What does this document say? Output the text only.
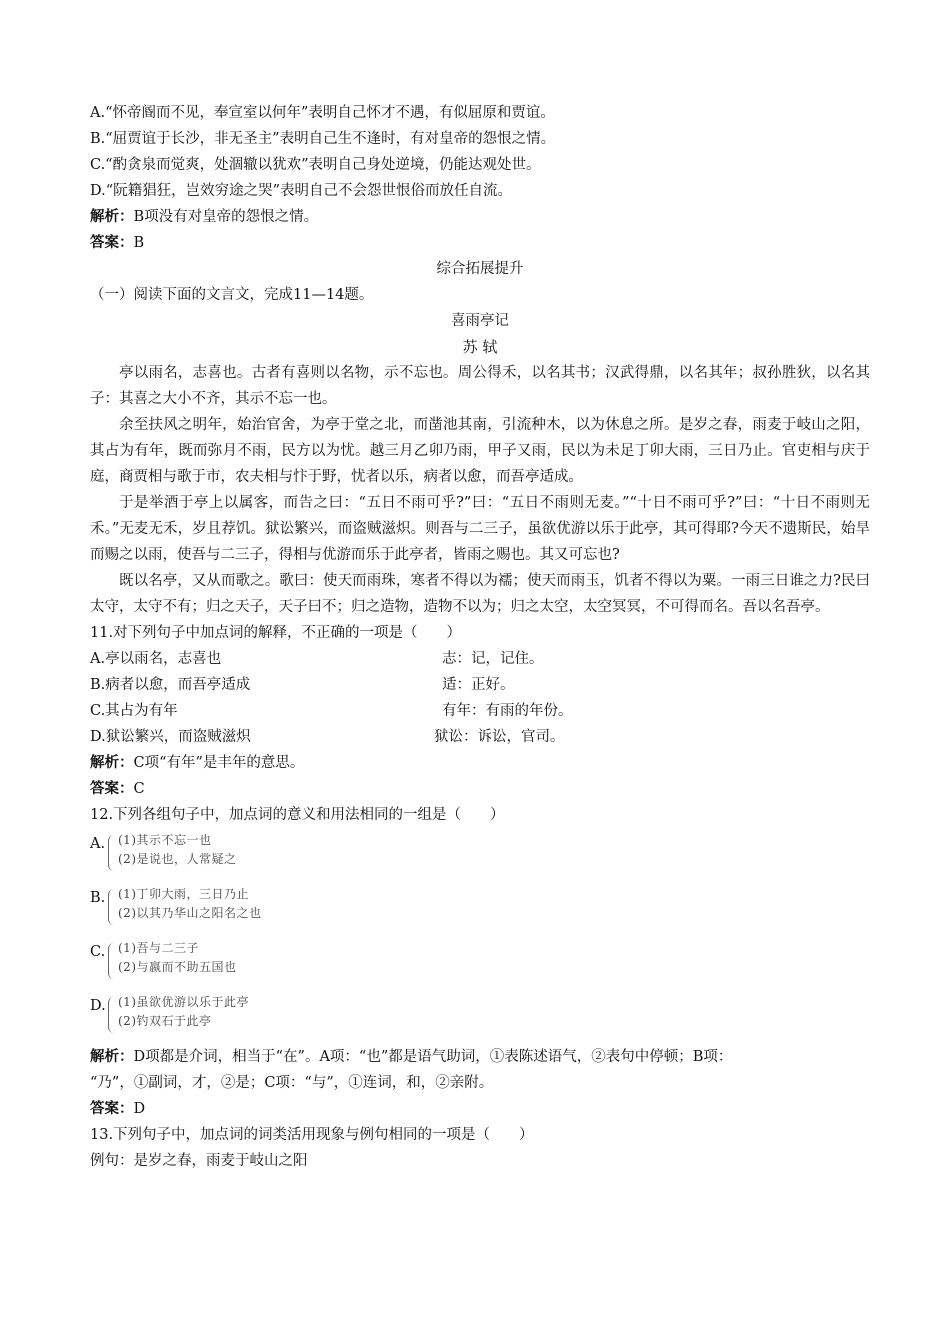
A.“怀帝阍而不见，奉宣室以何年”表明自己怀才不遇，有似屈原和贾谊。
B.“屈贾谊于长沙，非无圣主”表明自己生不逢时，有对皇帝的怨恨之情。
C.“酌贪泉而觉爽，处涸辙以犹欢”表明自己身处逆境，仍能达观处世。
D.“阮籍猖狂，岂效穷途之哭”表明自己不会怨世恨俗而放任自流。
解析：B项没有对皇帝的怨恨之情。
答案：B
综合拓展提升
（一）阅读下面的文言文，完成11—14题。
喜雨亭记
苏 轼
亭以雨名，志喜也。古者有喜则以名物，示不忘也。周公得禾，以名其书；汉武得鼎，以名其年；叔孙胜狄，以名其子：其喜之大小不齐，其示不忘一也。
余至扶风之明年，始治官舍，为亭于堂之北，而凿池其南，引流种木，以为休息之所。是岁之春，雨麦于岐山之阳，其占为有年，既而弥月不雨，民方以为忧。越三月乙卯乃雨，甲子又雨，民以为未足丁卯大雨，三日乃止。官吏相与庆于庭，商贾相与歌于市，农夫相与忭于野，忧者以乐，病者以愈，而吾亭适成。
于是举酒于亭上以属客，而告之曰：“五日不雨可乎?”曰：“五日不雨则无麦。”“十日不雨可乎?”曰：“十日不雨则无禾。”无麦无禾，岁且荐饥。狱讼繁兴，而盗贼滋炽。则吾与二三子，虽欲优游以乐于此亭，其可得耶?今天不遗斯民，始旱而赐之以雨，使吾与二三子，得相与优游而乐于此亭者，皆雨之赐也。其又可忘也?
既以名亭，又从而歌之。歌曰：使天而雨珠，寒者不得以为襦；使天而雨玉，饥者不得以为粟。一雨三日谁之力?民曰太守，太守不有；归之天子，天子曰不；归之造物，造物不以为；归之太空，太空冥冥，不可得而名。吾以名吾亭。
11.对下列句子中加点词的解释，不正确的一项是（　　）
A.亭以雨名，志喜也	志：记，记住。
B.病者以愈，而吾亭适成	适：正好。
C.其占为有年	有年：有雨的年份。
D.狱讼繁兴，而盗贼滋炽	狱讼：诉讼，官司。
解析：C项“有年”是丰年的意思。
答案：C
12.下列各组句子中，加点词的意义和用法相同的一组是（　　）
A. (1)其示不忘一也
(2)是说也，人常疑之
B. (1)丁卯大雨，三日乃止
(2)以其乃华山之阳名之也
C. (1)吾与二三子
(2)与嬴而不助五国也
D. (1)虽欲优游以乐于此亭
(2)钓双石于此亭
解析：D项都是介词，相当于“在”。A项：“也”都是语气助词，①表陈述语气，②表句中停顿；B项：
“乃”，①副词，才，②是；C项：“与”，①连词，和，②亲附。
答案：D
13.下列句子中，加点词的词类活用现象与例句相同的一项是（　　）
例句：是岁之春，雨麦于岐山之阳
